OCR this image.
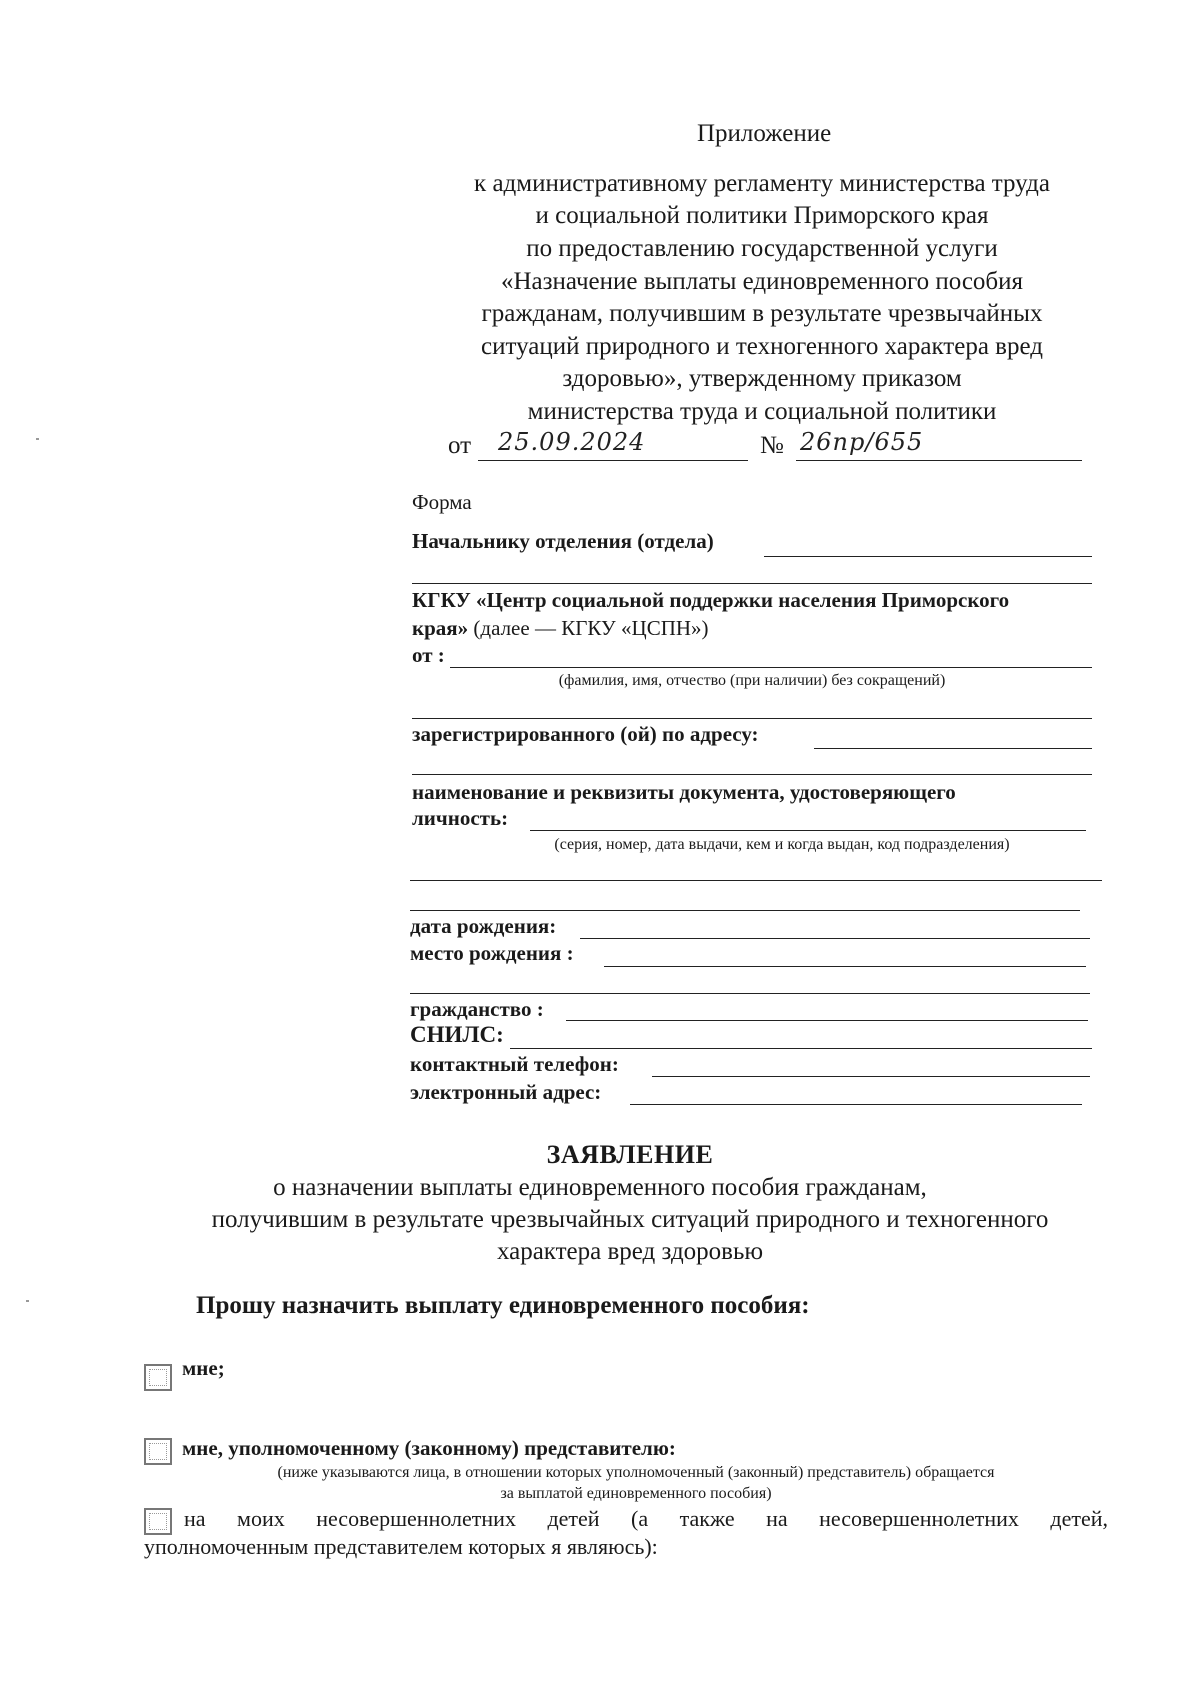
Приложение
к административному регламенту министерства труда
и социальной политики Приморского края
по предоставлению государственной услуги
«Назначение выплаты единовременного пособия
гражданам, получившим в результате чрезвычайных
ситуаций природного и техногенного характера вред
здоровью», утвержденному приказом
министерства труда и социальной политики
от 25.09.2024	№ 26пр/655
Форма
Начальнику отделения (отдела)
КГКУ «Центр социальной поддержки населения Приморского
края» (далее — КГКУ «ЦСПН»)
от :
(фамилия, имя, отчество (при наличии) без сокращений)
зарегистрированного (ой) по адресу:
наименование и реквизиты документа, удостоверяющего
личность:
(серия, номер, дата выдачи, кем и когда выдан, код подразделения)
дата рождения:
место рождения :
гражданство :
СНИЛС:
контактный телефон:
электронный адрес:
ЗАЯВЛЕНИЕ
о назначении выплаты единовременного пособия гражданам,
получившим в результате чрезвычайных ситуаций природного и техногенного
характера вред здоровью
Прошу назначить выплату единовременного пособия:
мне;
мне, уполномоченному (законному) представителю:
(ниже указываются лица, в отношении которых уполномоченный (законный) представитель) обращается
за выплатой единовременного пособия)
на моих несовершеннолетних детей (а также на несовершеннолетних детей,
уполномоченным представителем которых я являюсь):
